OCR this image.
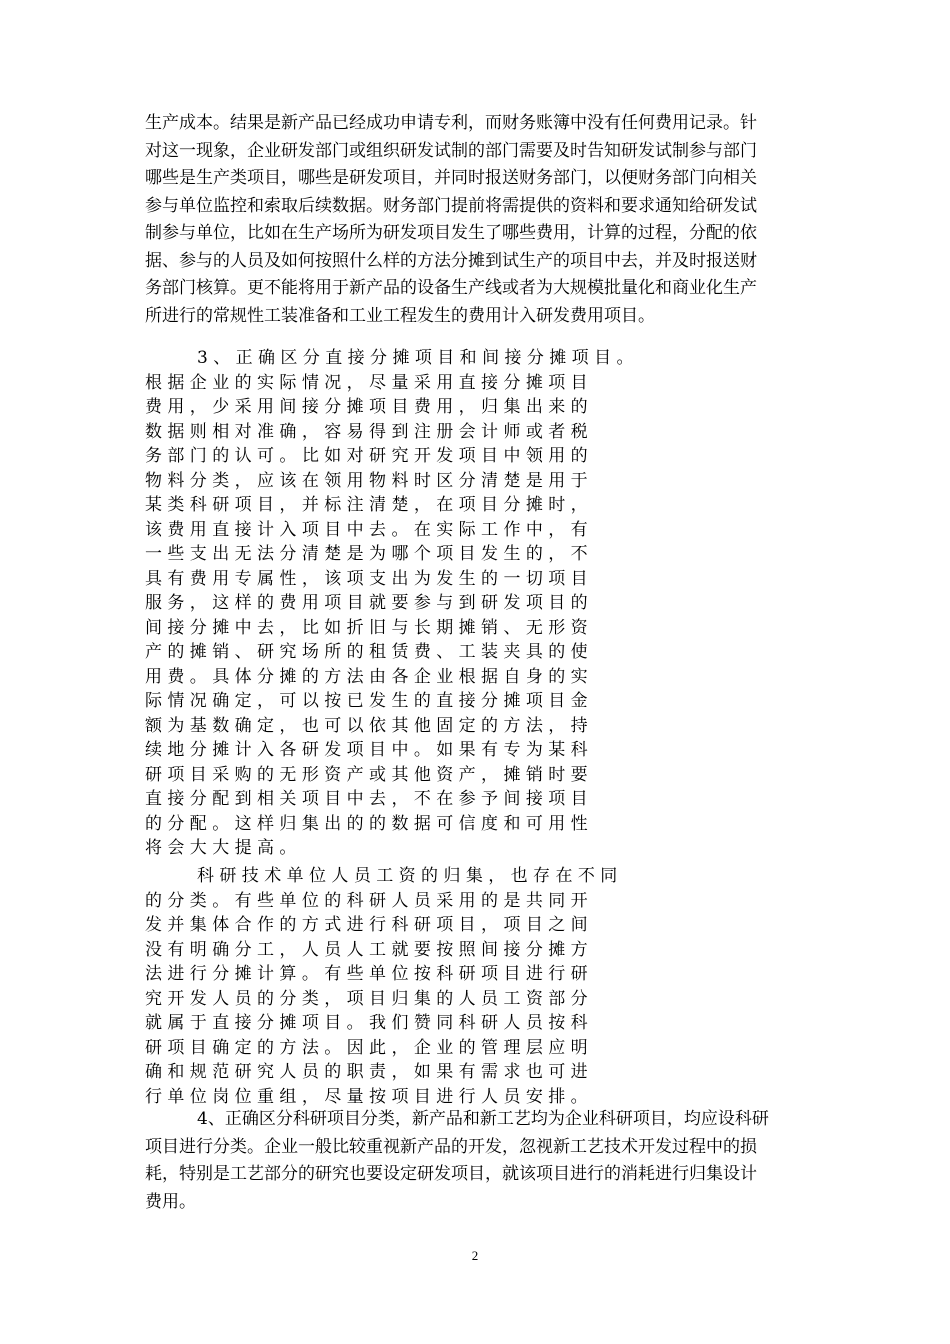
生产成本。结果是新产品已经成功申请专利，而财务账簿中没有任何费用记录。针
对这一现象，企业研发部门或组织研发试制的部门需要及时告知研发试制参与部门
哪些是生产类项目，哪些是研发项目，并同时报送财务部门，以便财务部门向相关
参与单位监控和索取后续数据。财务部门提前将需提供的资料和要求通知给研发试
制参与单位，比如在生产场所为研发项目发生了哪些费用，计算的过程，分配的依
据、参与的人员及如何按照什么样的方法分摊到试生产的项目中去，并及时报送财
务部门核算。更不能将用于新产品的设备生产线或者为大规模批量化和商业化生产
所进行的常规性工装准备和工业工程发生的费用计入研发费用项目。
3 、 正 确 区 分 直 接 分 摊 项 目 和 间 接 分 摊 项 目 。
根 据 企 业 的 实 际 情 况 ， 尽 量 采 用 直 接 分 摊 项 目
费 用 ， 少 采 用 间 接 分 摊 项 目 费 用 ， 归 集 出 来 的
数 据 则 相 对 准 确 ， 容 易 得 到 注 册 会 计 师 或 者 税
务 部 门 的 认 可 。 比 如 对 研 究 开 发 项 目 中 领 用 的
物 料 分 类 ， 应 该 在 领 用 物 料 时 区 分 清 楚 是 用 于
某 类 科 研 项 目 ， 并 标 注 清 楚 ， 在 项 目 分 摊 时 ，
该 费 用 直 接 计 入 项 目 中 去 。 在 实 际 工 作 中 ， 有
一 些 支 出 无 法 分 清 楚 是 为 哪 个 项 目 发 生 的 ， 不
具 有 费 用 专 属 性 ， 该 项 支 出 为 发 生 的 一 切 项 目
服 务 ， 这 样 的 费 用 项 目 就 要 参 与 到 研 发 项 目 的
间 接 分 摊 中 去 ， 比 如 折 旧 与 长 期 摊 销 、 无 形 资
产 的 摊 销 、 研 究 场 所 的 租 赁 费 、 工 装 夹 具 的 使
用 费 。 具 体 分 摊 的 方 法 由 各 企 业 根 据 自 身 的 实
际 情 况 确 定 ， 可 以 按 已 发 生 的 直 接 分 摊 项 目 金
额 为 基 数 确 定 ， 也 可 以 依 其 他 固 定 的 方 法 ， 持
续 地 分 摊 计 入 各 研 发 项 目 中 。 如 果 有 专 为 某 科
研 项 目 采 购 的 无 形 资 产 或 其 他 资 产 ， 摊 销 时 要
直 接 分 配 到 相 关 项 目 中 去 ， 不 在 参 予 间 接 项 目
的 分 配 。 这 样 归 集 出 的 的 数 据 可 信 度 和 可 用 性
将 会 大 大 提 高 。
科 研 技 术 单 位 人 员 工 资 的 归 集 ， 也 存 在 不 同
的 分 类 。 有 些 单 位 的 科 研 人 员 采 用 的 是 共 同 开
发 并 集 体 合 作 的 方 式 进 行 科 研 项 目 ， 项 目 之 间
没 有 明 确 分 工 ， 人 员 人 工 就 要 按 照 间 接 分 摊 方
法 进 行 分 摊 计 算 。 有 些 单 位 按 科 研 项 目 进 行 研
究 开 发 人 员 的 分 类 ， 项 目 归 集 的 人 员 工 资 部 分
就 属 于 直 接 分 摊 项 目 。 我 们 赞 同 科 研 人 员 按 科
研 项 目 确 定 的 方 法 。 因 此 ， 企 业 的 管 理 层 应 明
确 和 规 范 研 究 人 员 的 职 责 ， 如 果 有 需 求 也 可 进
行 单 位 岗 位 重 组 ， 尽 量 按 项 目 进 行 人 员 安 排 。
4、正确区分科研项目分类，新产品和新工艺均为企业科研项目，均应设科研
项目进行分类。企业一般比较重视新产品的开发，忽视新工艺技术开发过程中的损
耗，特别是工艺部分的研究也要设定研发项目，就该项目进行的消耗进行归集设计
费用。
2
